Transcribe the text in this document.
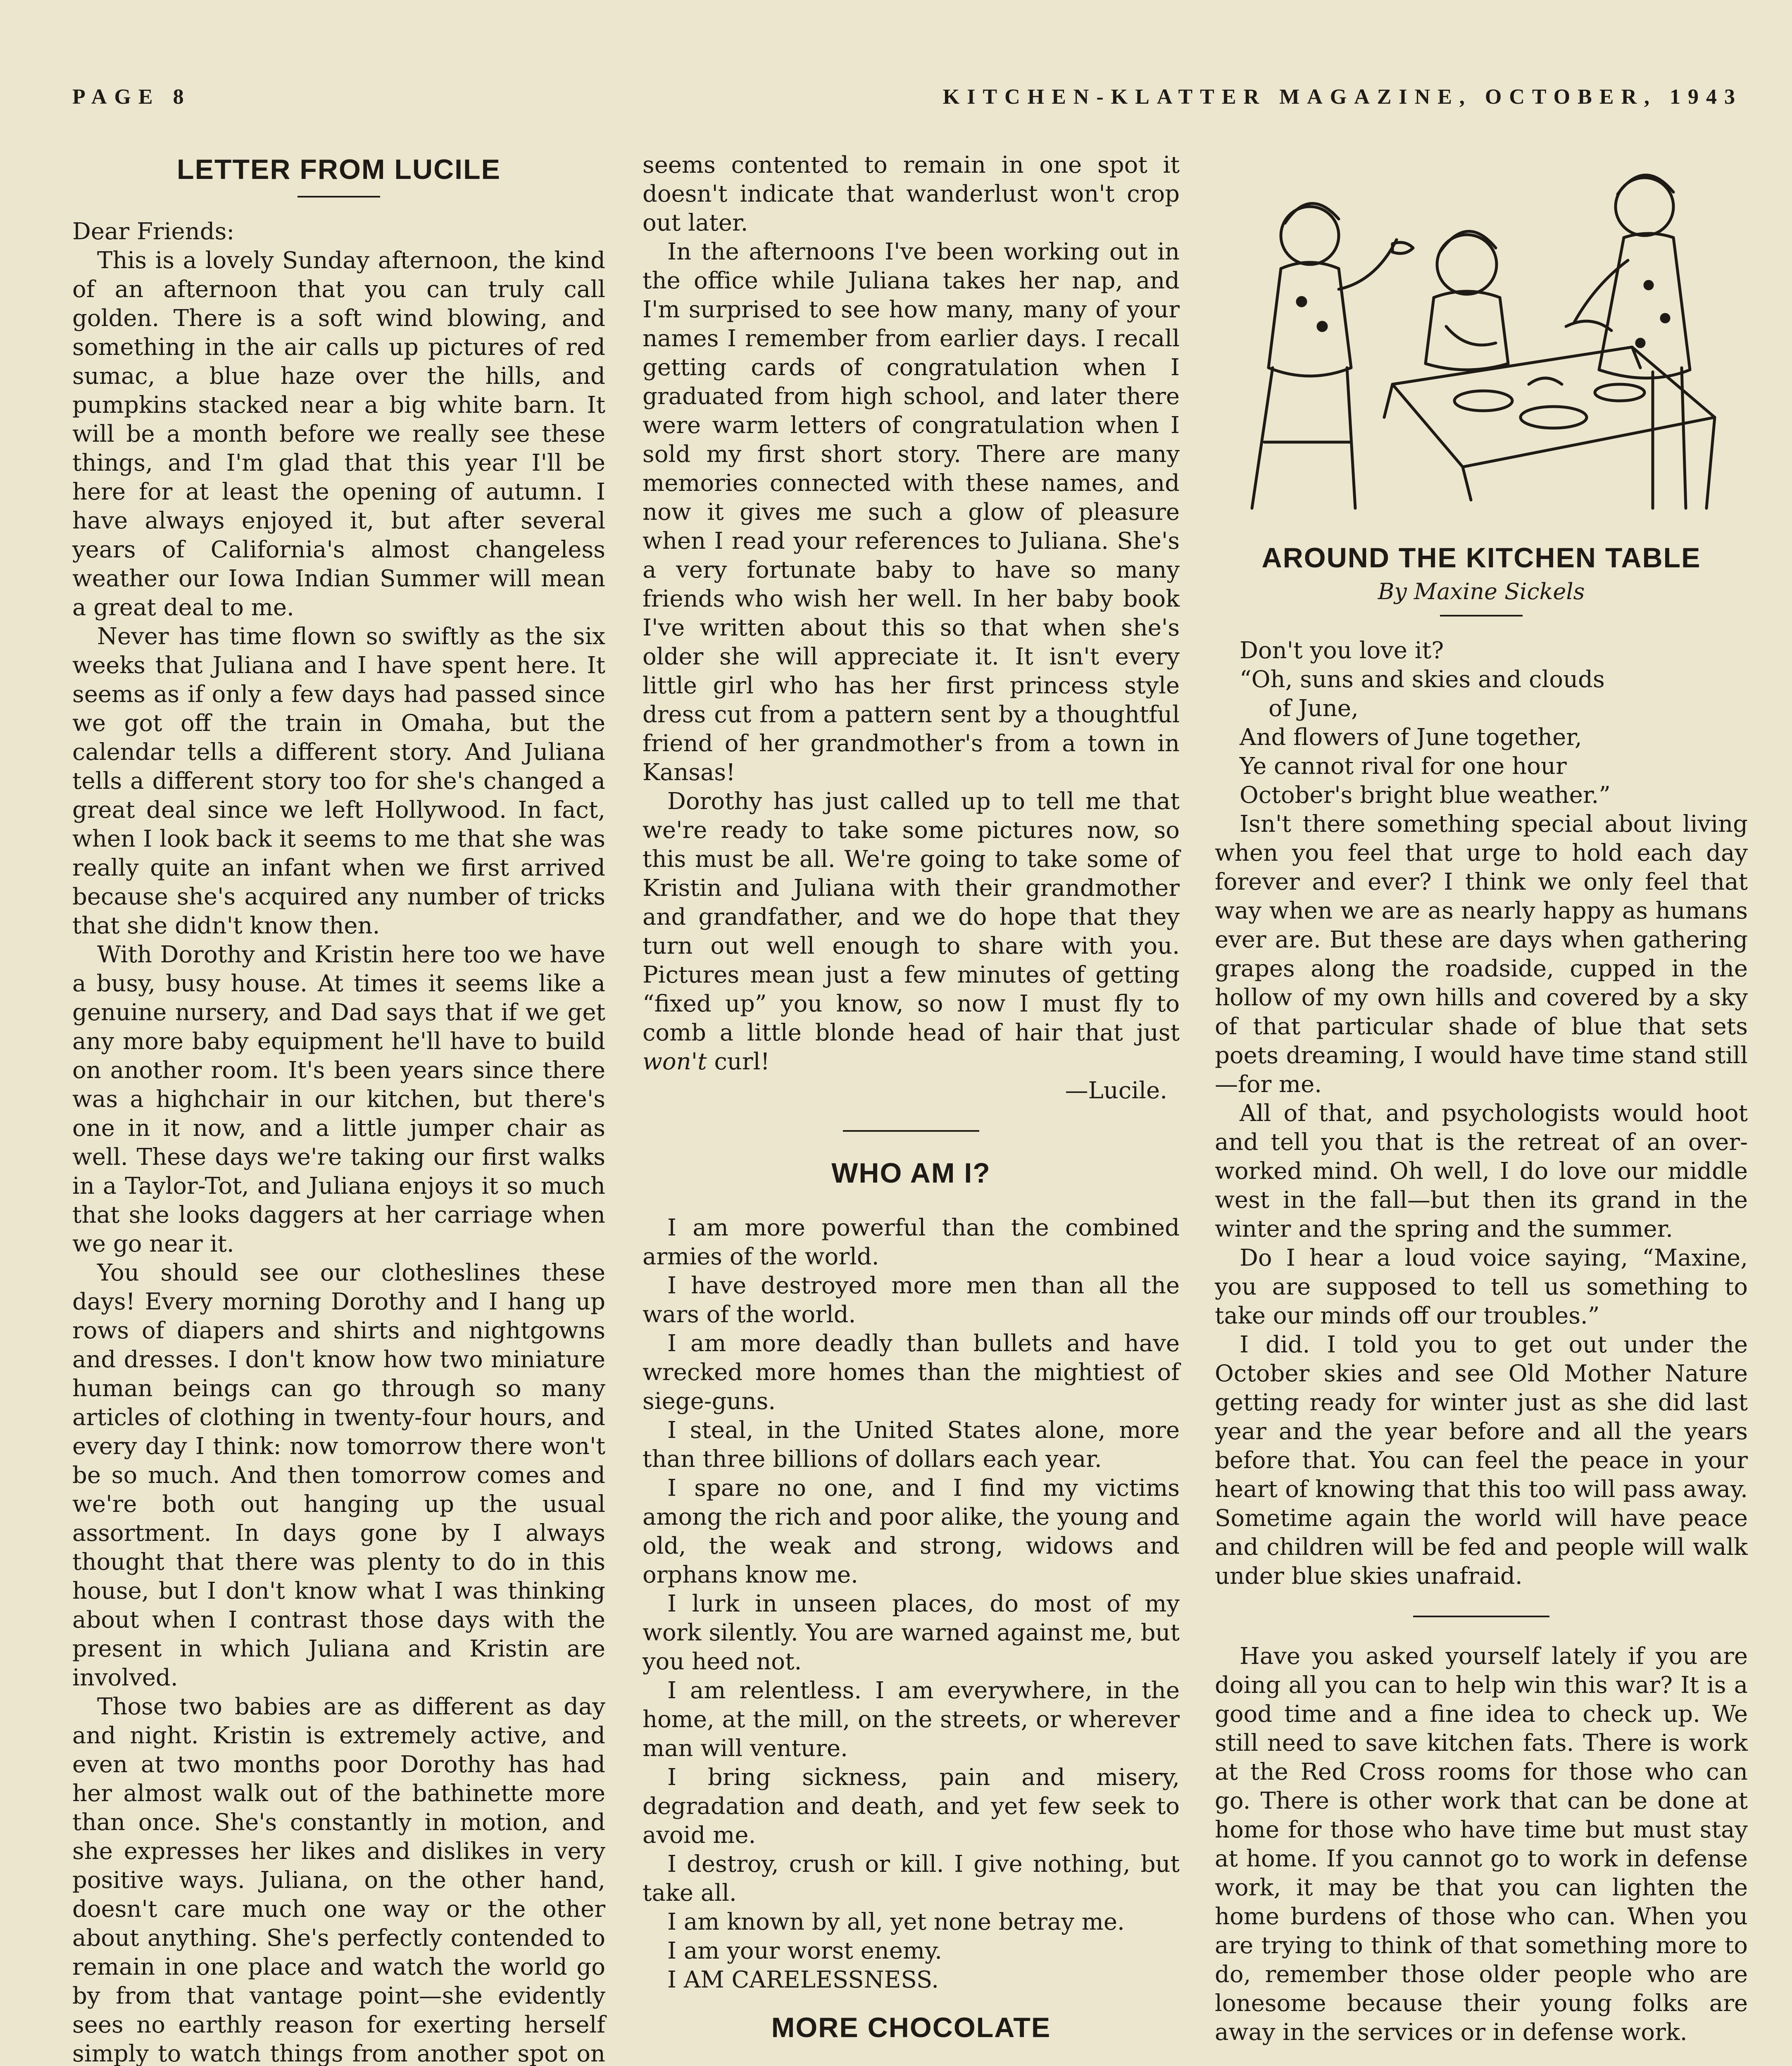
PAGE 8	KITCHEN-KLATTER MAGAZINE, OCTOBER, 1943
LETTER FROM LUCILE

Dear Friends:

This is a lovely Sunday afternoon, the kind of an afternoon that you can truly call golden. There is a soft wind blowing, and something in the air calls up pictures of red sumac, a blue haze over the hills, and pumpkins stacked near a big white barn. It will be a month before we really see these things, and I'm glad that this year I'll be here for at least the opening of autumn. I have always enjoyed it, but after several years of California's almost changeless weather our Iowa Indian Summer will mean a great deal to me.

Never has time flown so swiftly as the six weeks that Juliana and I have spent here. It seems as if only a few days had passed since we got off the train in Omaha, but the calendar tells a different story. And Juliana tells a different story too for she's changed a great deal since we left Hollywood. In fact, when I look back it seems to me that she was really quite an infant when we first arrived because she's acquired any number of tricks that she didn't know then.

With Dorothy and Kristin here too we have a busy, busy house. At times it seems like a genuine nursery, and Dad says that if we get any more baby equipment he'll have to build on another room. It's been years since there was a highchair in our kitchen, but there's one in it now, and a little jumper chair as well. These days we're taking our first walks in a Taylor-Tot, and Juliana enjoys it so much that she looks daggers at her carriage when we go near it.

You should see our clotheslines these days! Every morning Dorothy and I hang up rows of diapers and shirts and nightgowns and dresses. I don't know how two miniature human beings can go through so many articles of clothing in twenty-four hours, and every day I think: now tomorrow there won't be so much. And then tomorrow comes and we're both out hanging up the usual assortment. In days gone by I always thought that there was plenty to do in this house, but I don't know what I was thinking about when I contrast those days with the present in which Juliana and Kristin are involved.

Those two babies are as different as day and night. Kristin is extremely active, and even at two months poor Dorothy has had her almost walk out of the bathinette more than once. She's constantly in motion, and she expresses her likes and dislikes in very positive ways. Juliana, on the other hand, doesn't care much one way or the other about anything. She's perfectly contended to remain in one place and watch the world go by from that vantage point—she evidently sees no earthly reason for exerting herself simply to watch things from another spot on

seems contented to remain in one spot it doesn't indicate that wanderlust won't crop out later.

In the afternoons I've been working out in the office while Juliana takes her nap, and I'm surprised to see how many, many of your names I remember from earlier days. I recall getting cards of congratulation when I graduated from high school, and later there were warm letters of congratulation when I sold my first short story. There are many memories connected with these names, and now it gives me such a glow of pleasure when I read your references to Juliana. She's a very fortunate baby to have so many friends who wish her well. In her baby book I've written about this so that when she's older she will appreciate it. It isn't every little girl who has her first princess style dress cut from a pattern sent by a thoughtful friend of her grandmother's from a town in Kansas!

Dorothy has just called up to tell me that we're ready to take some pictures now, so this must be all. We're going to take some of Kristin and Juliana with their grandmother and grandfather, and we do hope that they turn out well enough to share with you. Pictures mean just a few minutes of getting “fixed up” you know, so now I must fly to comb a little blonde head of hair that just won't curl!

—Lucile.

WHO AM I?

I am more powerful than the combined armies of the world.

I have destroyed more men than all the wars of the world.

I am more deadly than bullets and have wrecked more homes than the mightiest of siege-guns.

I steal, in the United States alone, more than three billions of dollars each year.

I spare no one, and I find my victims among the rich and poor alike, the young and old, the weak and strong, widows and orphans know me.

I lurk in unseen places, do most of my work silently. You are warned against me, but you heed not.

I am relentless. I am everywhere, in the home, at the mill, on the streets, or wherever man will venture.

I bring sickness, pain and misery, degradation and death, and yet few seek to avoid me.

I destroy, crush or kill. I give nothing, but take all.

I am known by all, yet none betray me.

I am your worst enemy.

I AM CARELESSNESS.

MORE CHOCOLATE

AROUND THE KITCHEN TABLE
By Maxine Sickels

Don't you love it?

“Oh, suns and skies and clouds

of June,

And flowers of June together,

Ye cannot rival for one hour

October's bright blue weather.”

Isn't there something special about living when you feel that urge to hold each day forever and ever? I think we only feel that way when we are as nearly happy as humans ever are. But these are days when gathering grapes along the roadside, cupped in the hollow of my own hills and covered by a sky of that particular shade of blue that sets poets dreaming, I would have time stand still—for me.

All of that, and psychologists would hoot and tell you that is the retreat of an over-worked mind. Oh well, I do love our middle west in the fall—but then its grand in the winter and the spring and the summer.

Do I hear a loud voice saying, “Maxine, you are supposed to tell us something to take our minds off our troubles.”

I did. I told you to get out under the October skies and see Old Mother Nature getting ready for winter just as she did last year and the year before and all the years before that. You can feel the peace in your heart of knowing that this too will pass away. Sometime again the world will have peace and children will be fed and people will walk under blue skies unafraid.

Have you asked yourself lately if you are doing all you can to help win this war? It is a good time and a fine idea to check up. We still need to save kitchen fats. There is work at the Red Cross rooms for those who can go. There is other work that can be done at home for those who have time but must stay at home. If you cannot go to work in defense work, it may be that you can lighten the home burdens of those who can. When you are trying to think of that something more to do, remember those older people who are lonesome because their young folks are away in the services or in defense work.
